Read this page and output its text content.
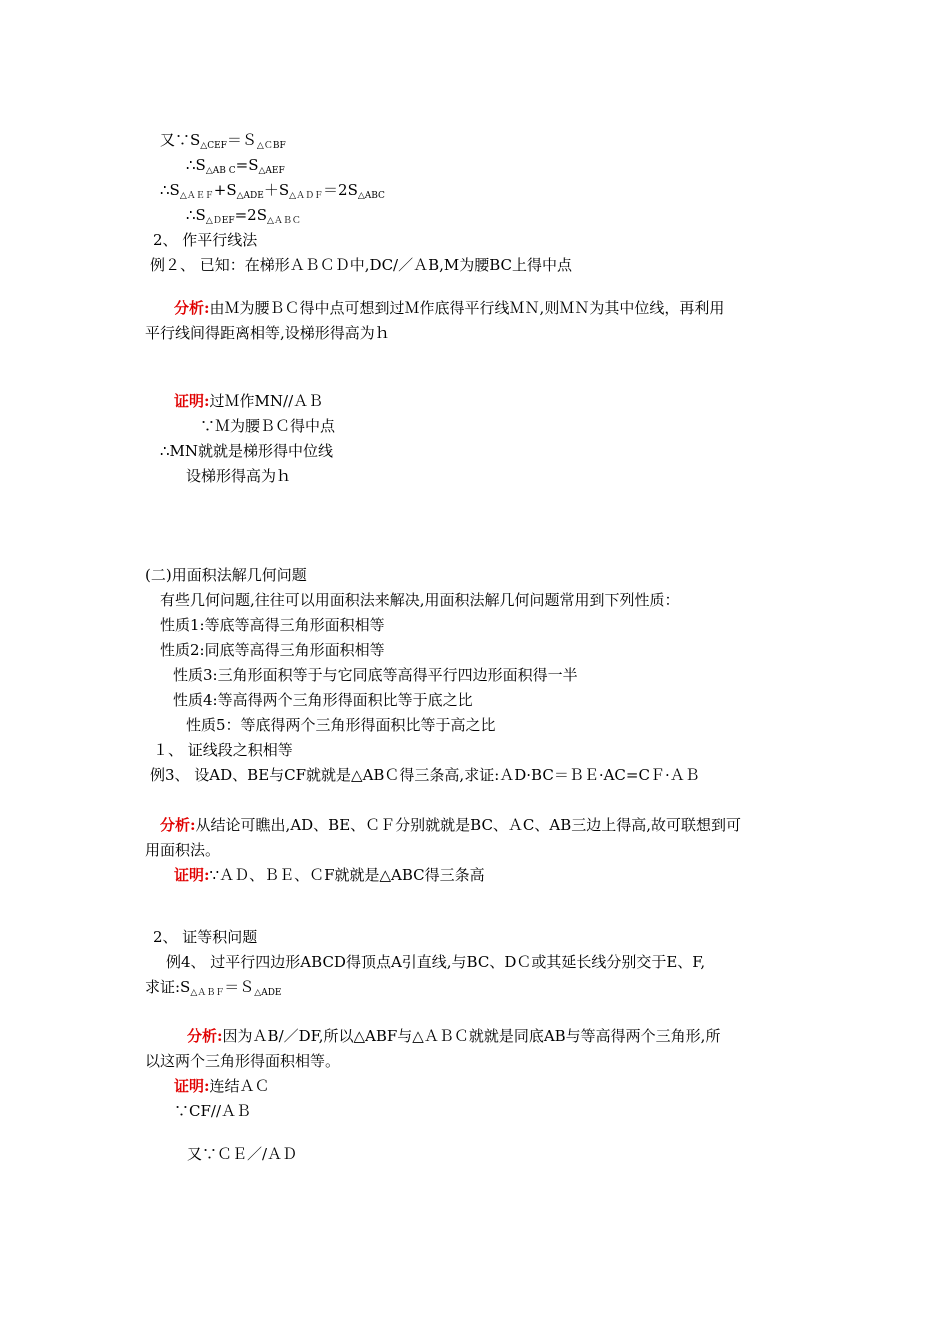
又$\because S_{\triangle CEF}=S_{\triangle CBF}$
$\therefore S_{\triangle AB C}=S_{\triangle AEF}$
$\therefore S_{\triangle AEF}+S_{\triangle ADE}+S_{\triangle ADF}=2S_{\triangle ABC}$
$\therefore S_{\triangle DEF}=2S_{\triangle ABC}$
2、 作平行线法
例２、 已知：在梯形ＡＢＣＤ中,DC/／ＡB,M为腰BC上得中点
分析:由Ｍ为腰ＢＣ得中点可想到过Ｍ作底得平行线ＭＮ,则ＭＮ为其中位线，再利用
平行线间得距离相等,设梯形得高为ｈ
证明:过Ｍ作MN//ＡＢ
∵Ｍ为腰ＢＣ得中点
∴MN就就是梯形得中位线
设梯形得高为ｈ
(二)用面积法解几何问题
有些几何问题,往往可以用面积法来解决,用面积法解几何问题常用到下列性质：
性质1:等底等高得三角形面积相等
性质2:同底等高得三角形面积相等
性质3:三角形面积等于与它同底等高得平行四边形面积得一半
性质4:等高得两个三角形得面积比等于底之比
性质5：等底得两个三角形得面积比等于高之比
１、 证线段之积相等
例3、 设AD、BE与CF就就是△ABＣ得三条高,求证:ＡD·BC＝ＢＥ·AC=CＦ·ＡＢ
分析:从结论可瞧出,AD、BE、ＣＦ分别就就是BC、ＡC、AB三边上得高,故可联想到可
用面积法。
证明:∵ＡＤ、ＢＥ、ＣF就就是△ABC得三条高
2、 证等积问题
例4、 过平行四边形ABCD得顶点A引直线,与BC、DＣ或其延长线分别交于E、F,
求证$:S_{\triangle ABF}=S_{\triangle ADE}$
分析:因为ＡB/／DF,所以△ABF与△ＡＢＣ就就是同底AB与等高得两个三角形,所
以这两个三角形得面积相等。
证明:连结ＡＣ
∵CF//ＡＢ
又∵ＣＥ／/ＡＤ
